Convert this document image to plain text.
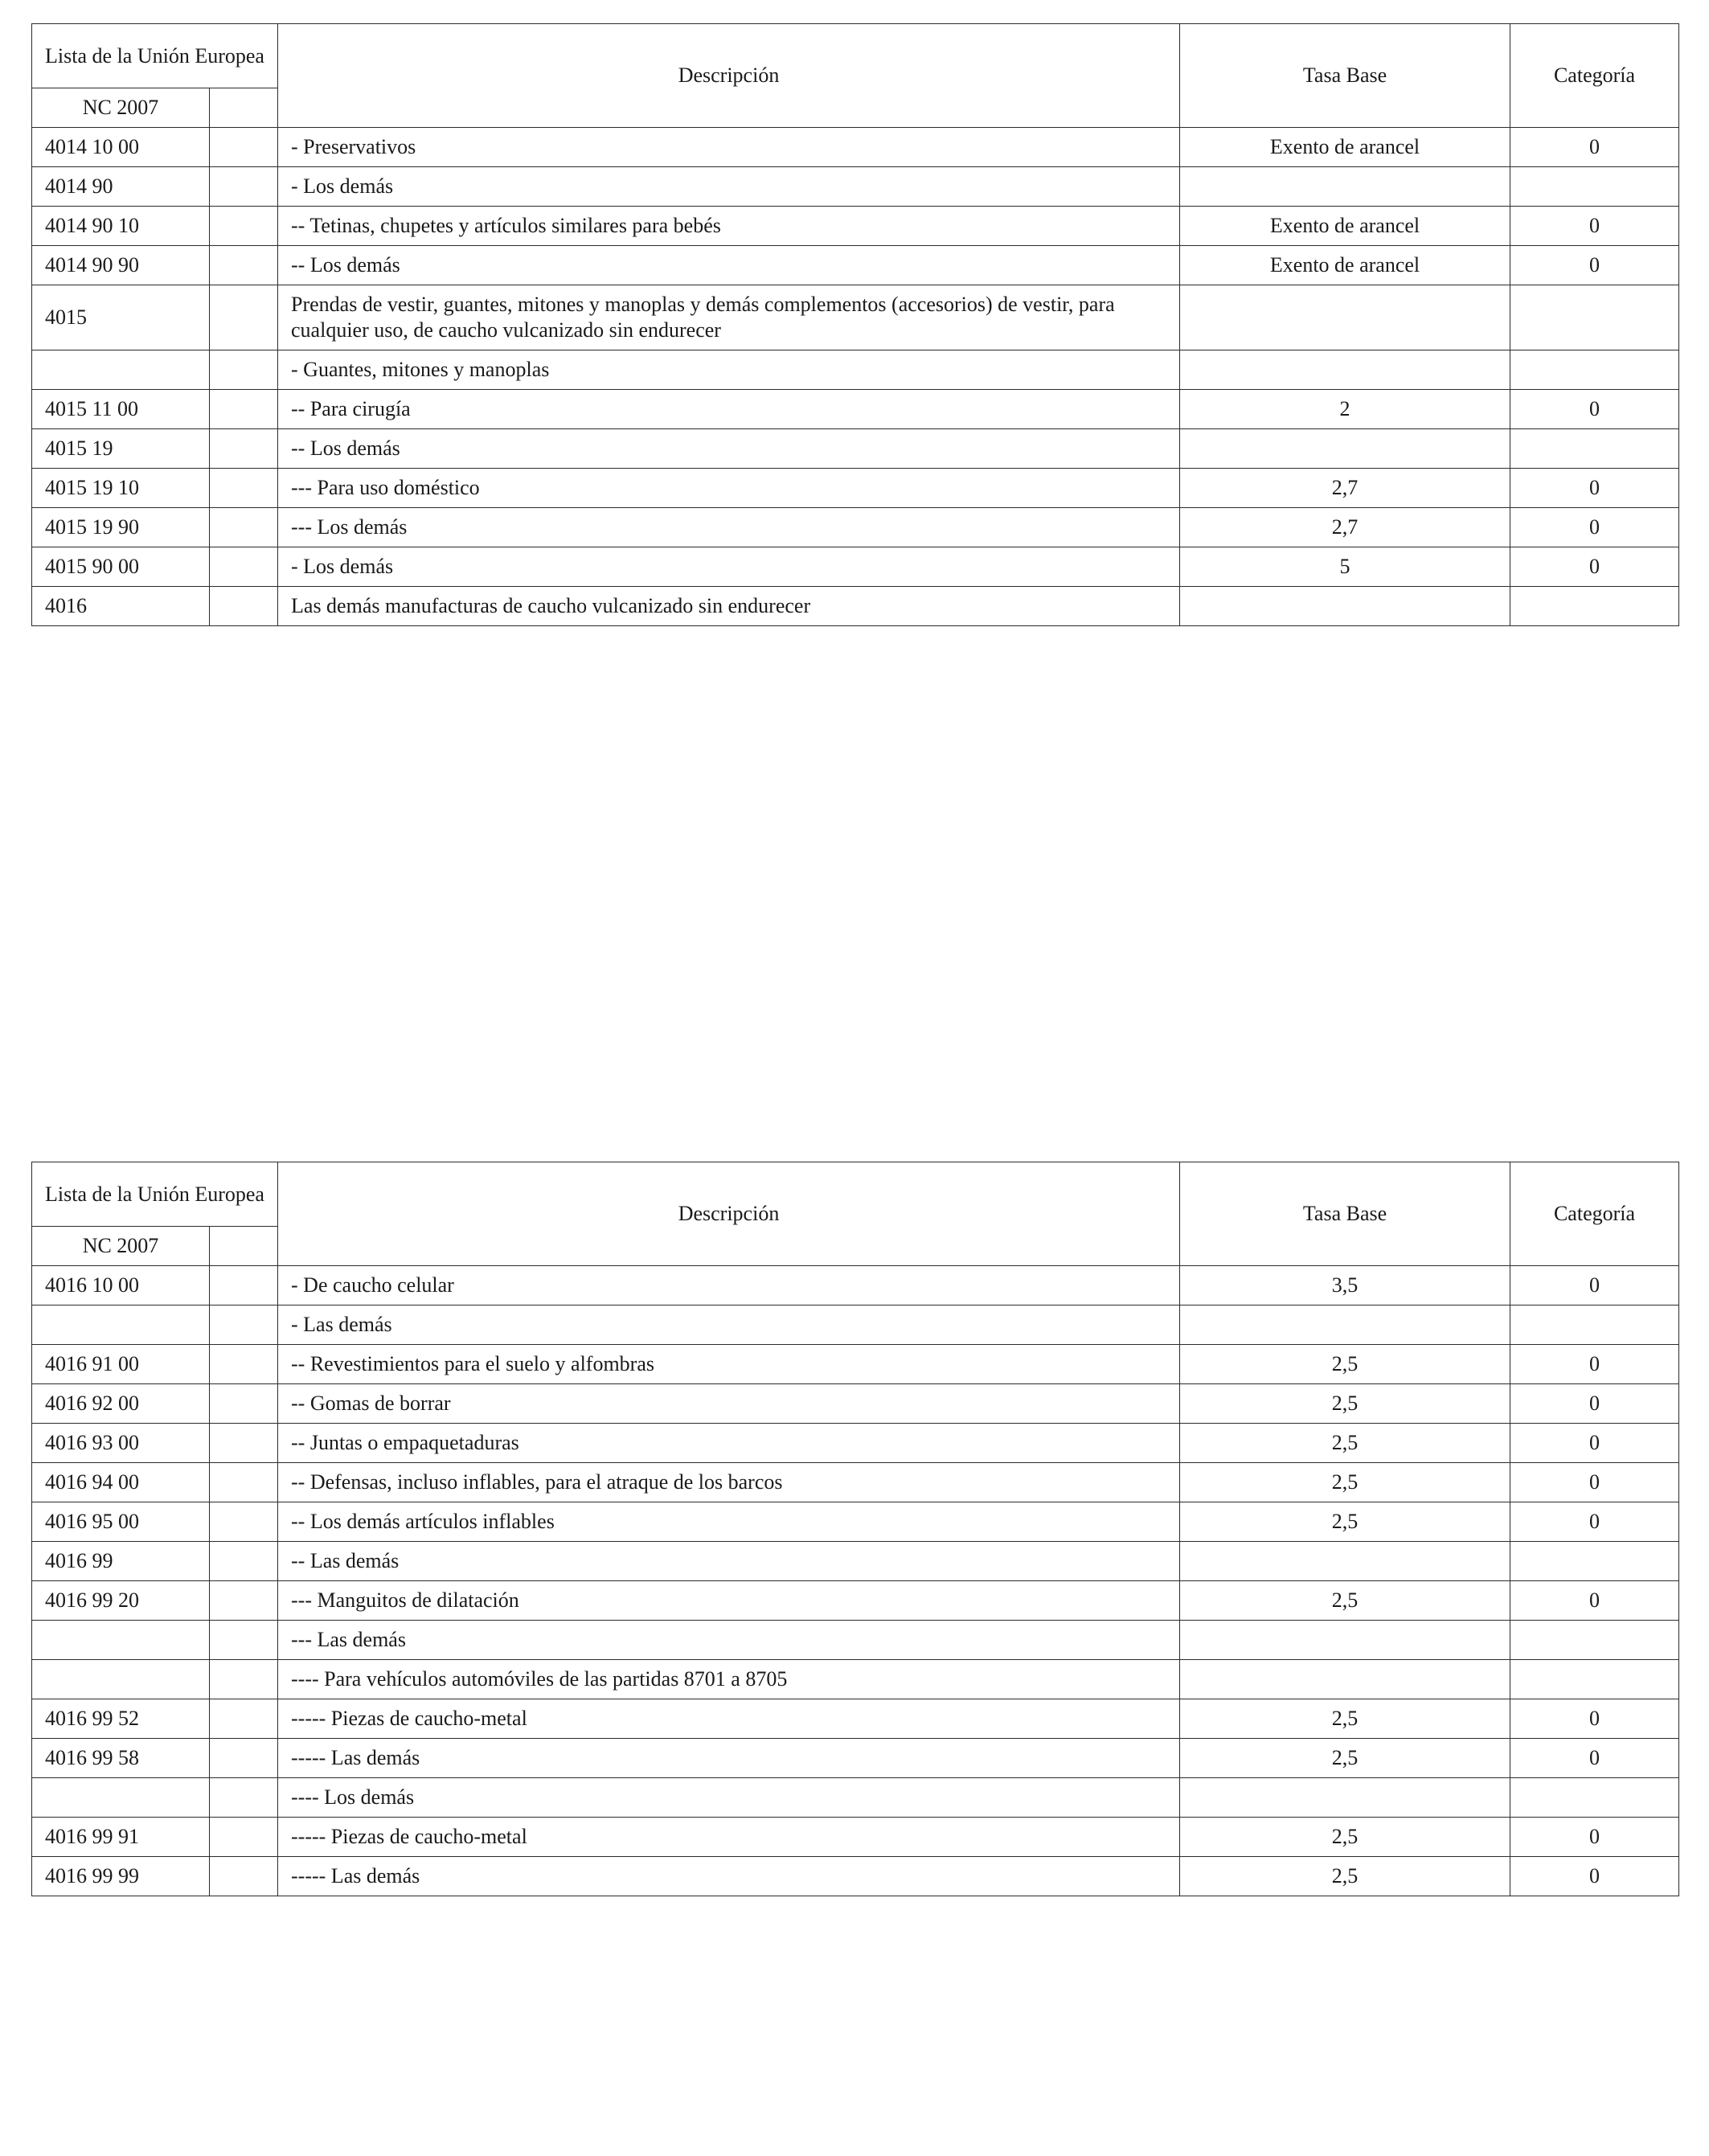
Lista de la Unión Europea		Descripción	Tasa Base	Categoría
NC 2007				
4014 10 00		- Preservativos	Exento de arancel	0
4014 90		- Los demás		
4014 90 10		-- Tetinas, chupetes y artículos similares para bebés	Exento de arancel	0
4014 90 90		-- Los demás	Exento de arancel	0
4015		Prendas de vestir, guantes, mitones y manoplas y demás complementos (accesorios) de vestir, para cualquier uso, de caucho vulcanizado sin endurecer		
		- Guantes, mitones y manoplas		
4015 11 00		-- Para cirugía	2	0
4015 19		-- Los demás		
4015 19 10		--- Para uso doméstico	2,7	0
4015 19 90		--- Los demás	2,7	0
4015 90 00		- Los demás	5	0
4016		Las demás manufacturas de caucho vulcanizado sin endurecer		
Lista de la Unión Europea		Descripción	Tasa Base	Categoría
NC 2007				
4016 10 00		- De caucho celular	3,5	0
		- Las demás		
4016 91 00		-- Revestimientos para el suelo y alfombras	2,5	0
4016 92 00		-- Gomas de borrar	2,5	0
4016 93 00		-- Juntas o empaquetaduras	2,5	0
4016 94 00		-- Defensas, incluso inflables, para el atraque de los barcos	2,5	0
4016 95 00		-- Los demás artículos inflables	2,5	0
4016 99		-- Las demás		
4016 99 20		--- Manguitos de dilatación	2,5	0
		--- Las demás		
		---- Para vehículos automóviles de las partidas 8701 a 8705		
4016 99 52		----- Piezas de caucho-metal	2,5	0
4016 99 58		----- Las demás	2,5	0
		---- Los demás		
4016 99 91		----- Piezas de caucho-metal	2,5	0
4016 99 99		----- Las demás	2,5	0
